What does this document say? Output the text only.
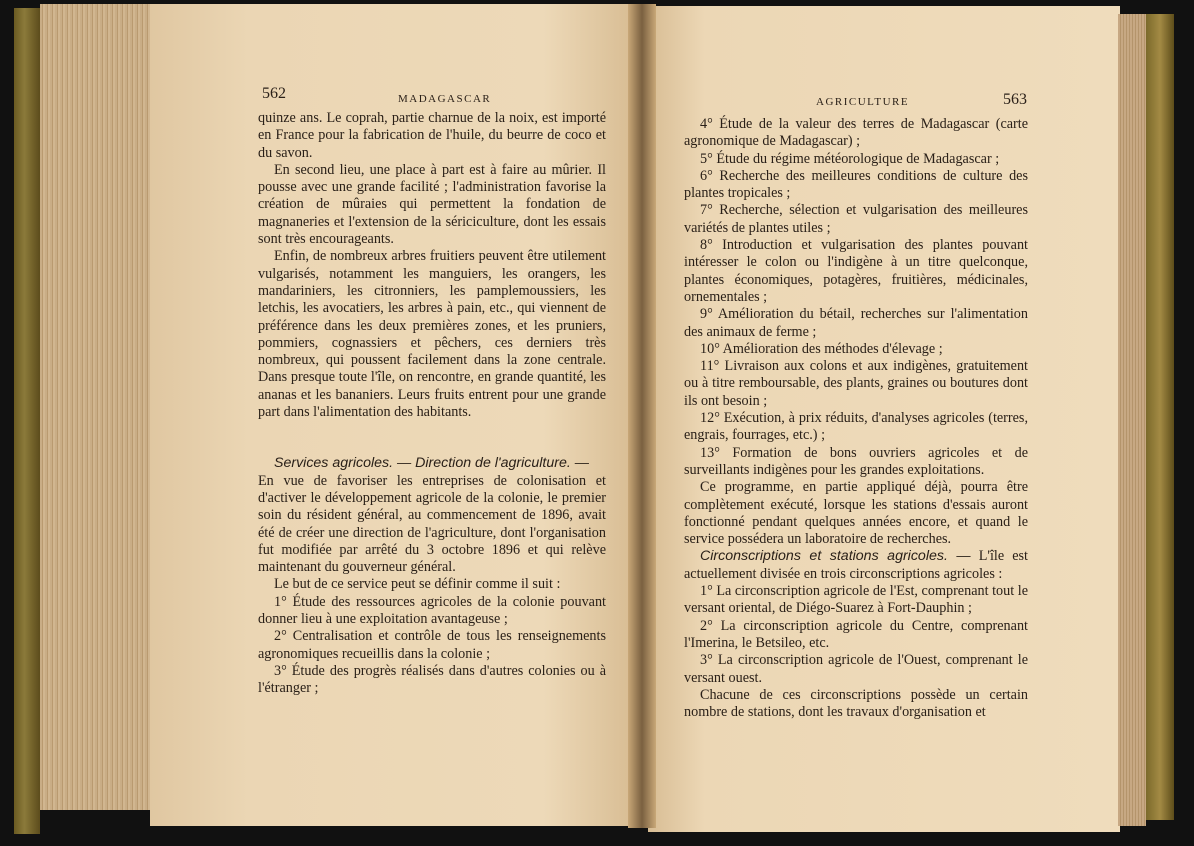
562	MADAGASCAR

quinze ans. Le coprah, partie charnue de la noix, est importé en France pour la fabrication de l'huile, du beurre de coco et du savon.

En second lieu, une place à part est à faire au mûrier. Il pousse avec une grande facilité ; l'administration favorise la création de mûraies qui permettent la fondation de magnaneries et l'extension de la sériciculture, dont les essais sont très encourageants.

Enfin, de nombreux arbres fruitiers peuvent être utilement vulgarisés, notamment les manguiers, les orangers, les mandariniers, les citronniers, les pamplemoussiers, les letchis, les avocatiers, les arbres à pain, etc., qui viennent de préférence dans les deux premières zones, et les pruniers, pommiers, cognassiers et pêchers, ces derniers très nombreux, qui poussent facilement dans la zone centrale. Dans presque toute l'île, on rencontre, en grande quantité, les ananas et les bananiers. Leurs fruits entrent pour une grande part dans l'alimentation des habitants.

Services agricoles. — Direction de l'agriculture. —

En vue de favoriser les entreprises de colonisation et d'activer le développement agricole de la colonie, le premier soin du résident général, au commencement de 1896, avait été de créer une direction de l'agriculture, dont l'organisation fut modifiée par arrêté du 3 octobre 1896 et qui relève maintenant du gouverneur général.

Le but de ce service peut se définir comme il suit :

1° Étude des ressources agricoles de la colonie pouvant donner lieu à une exploitation avantageuse ;

2° Centralisation et contrôle de tous les renseignements agronomiques recueillis dans la colonie ;

3° Étude des progrès réalisés dans d'autres colonies ou à l'étranger ;

AGRICULTURE	563

4° Étude de la valeur des terres de Madagascar (carte agronomique de Madagascar) ;

5° Étude du régime météorologique de Madagascar ;

6° Recherche des meilleures conditions de culture des plantes tropicales ;

7° Recherche, sélection et vulgarisation des meilleures variétés de plantes utiles ;

8° Introduction et vulgarisation des plantes pouvant intéresser le colon ou l'indigène à un titre quelconque, plantes économiques, potagères, fruitières, médicinales, ornementales ;

9° Amélioration du bétail, recherches sur l'alimentation des animaux de ferme ;

10° Amélioration des méthodes d'élevage ;

11° Livraison aux colons et aux indigènes, gratuitement ou à titre remboursable, des plants, graines ou boutures dont ils ont besoin ;

12° Exécution, à prix réduits, d'analyses agricoles (terres, engrais, fourrages, etc.) ;

13° Formation de bons ouvriers agricoles et de surveillants indigènes pour les grandes exploitations.

Ce programme, en partie appliqué déjà, pourra être complètement exécuté, lorsque les stations d'essais auront fonctionné pendant quelques années encore, et quand le service possédera un laboratoire de recherches.

Circonscriptions et stations agricoles. — L'île est actuellement divisée en trois circonscriptions agricoles :

1° La circonscription agricole de l'Est, comprenant tout le versant oriental, de Diégo-Suarez à Fort-Dauphin ;

2° La circonscription agricole du Centre, comprenant l'Imerina, le Betsileo, etc.

3° La circonscription agricole de l'Ouest, comprenant le versant ouest.

Chacune de ces circonscriptions possède un certain nombre de stations, dont les travaux d'organisation et
